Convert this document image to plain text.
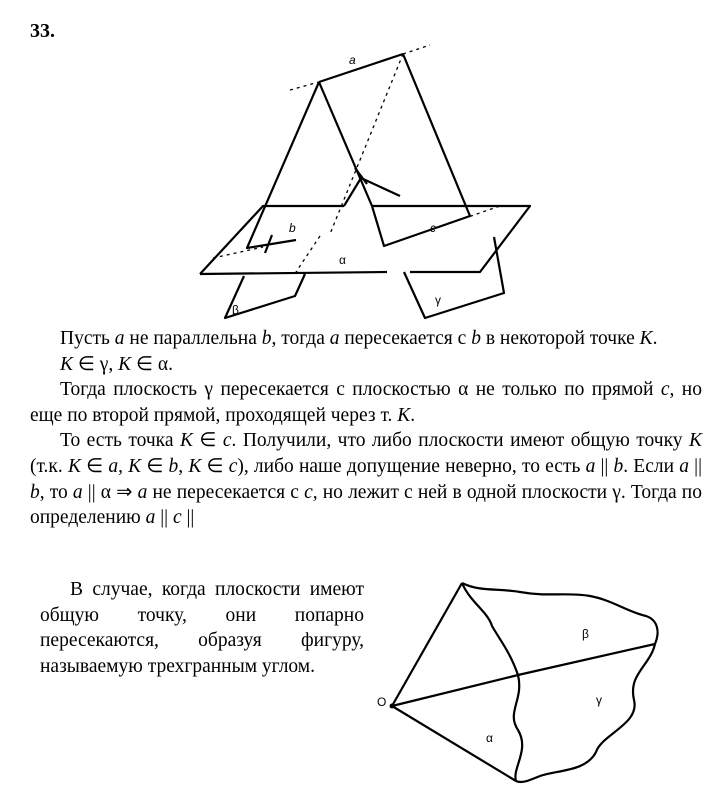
33.
a
b	c
α
β
γ

Пусть a не параллельна b, тогда a пересекается с b в некоторой точке K.

K ∈ γ, K ∈ α.

Тогда плоскость γ пересекается с плоскостью α не только по прямой c, но еще по второй прямой, проходящей через т. K.

То есть точка K ∈ c. Получили, что либо плоскости имеют общую точку K (т.к. K ∈ a, K ∈ b, K ∈ c), либо наше допущение неверно, то есть a || b. Если a || b, то a || α ⇒ a не пересекается с c, но лежит с ней в одной плоскости γ. Тогда по определению a || c ||

В случае, когда плоскости имеют общую точку, они попарно пересекаются, образуя фигуру, называемую трехгранным углом.

O
α
β
γ
